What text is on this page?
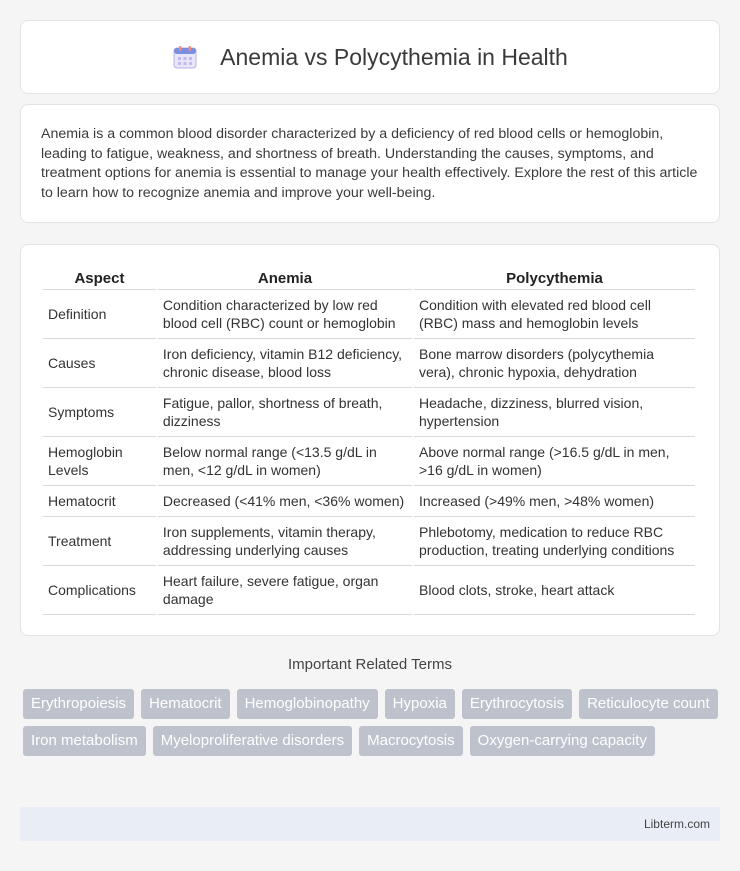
Anemia vs Polycythemia in Health

Anemia is a common blood disorder characterized by a deficiency of red blood cells or hemoglobin, leading to fatigue, weakness, and shortness of breath. Understanding the causes, symptoms, and treatment options for anemia is essential to manage your health effectively. Explore the rest of this article to learn how to recognize anemia and improve your well-being.

Aspect	Anemia	Polycythemia
Definition	Condition characterized by low red blood cell (RBC) count or hemoglobin	Condition with elevated red blood cell (RBC) mass and hemoglobin levels
Causes	Iron deficiency, vitamin B12 deficiency, chronic disease, blood loss	Bone marrow disorders (polycythemia vera), chronic hypoxia, dehydration
Symptoms	Fatigue, pallor, shortness of breath, dizziness	Headache, dizziness, blurred vision, hypertension
Hemoglobin Levels	Below normal range (<13.5 g/dL in men, <12 g/dL in women)	Above normal range (>16.5 g/dL in men, >16 g/dL in women)
Hematocrit	Decreased (<41% men, <36% women)	Increased (>49% men, >48% women)
Treatment	Iron supplements, vitamin therapy, addressing underlying causes	Phlebotomy, medication to reduce RBC production, treating underlying conditions
Complications	Heart failure, severe fatigue, organ damage	Blood clots, stroke, heart attack
Important Related Terms
Erythropoiesis	Hematocrit	Hemoglobinopathy	Hypoxia	Erythrocytosis	Reticulocyte count
Iron metabolism	Myeloproliferative disorders	Macrocytosis	Oxygen-carrying capacity
Libterm.com
